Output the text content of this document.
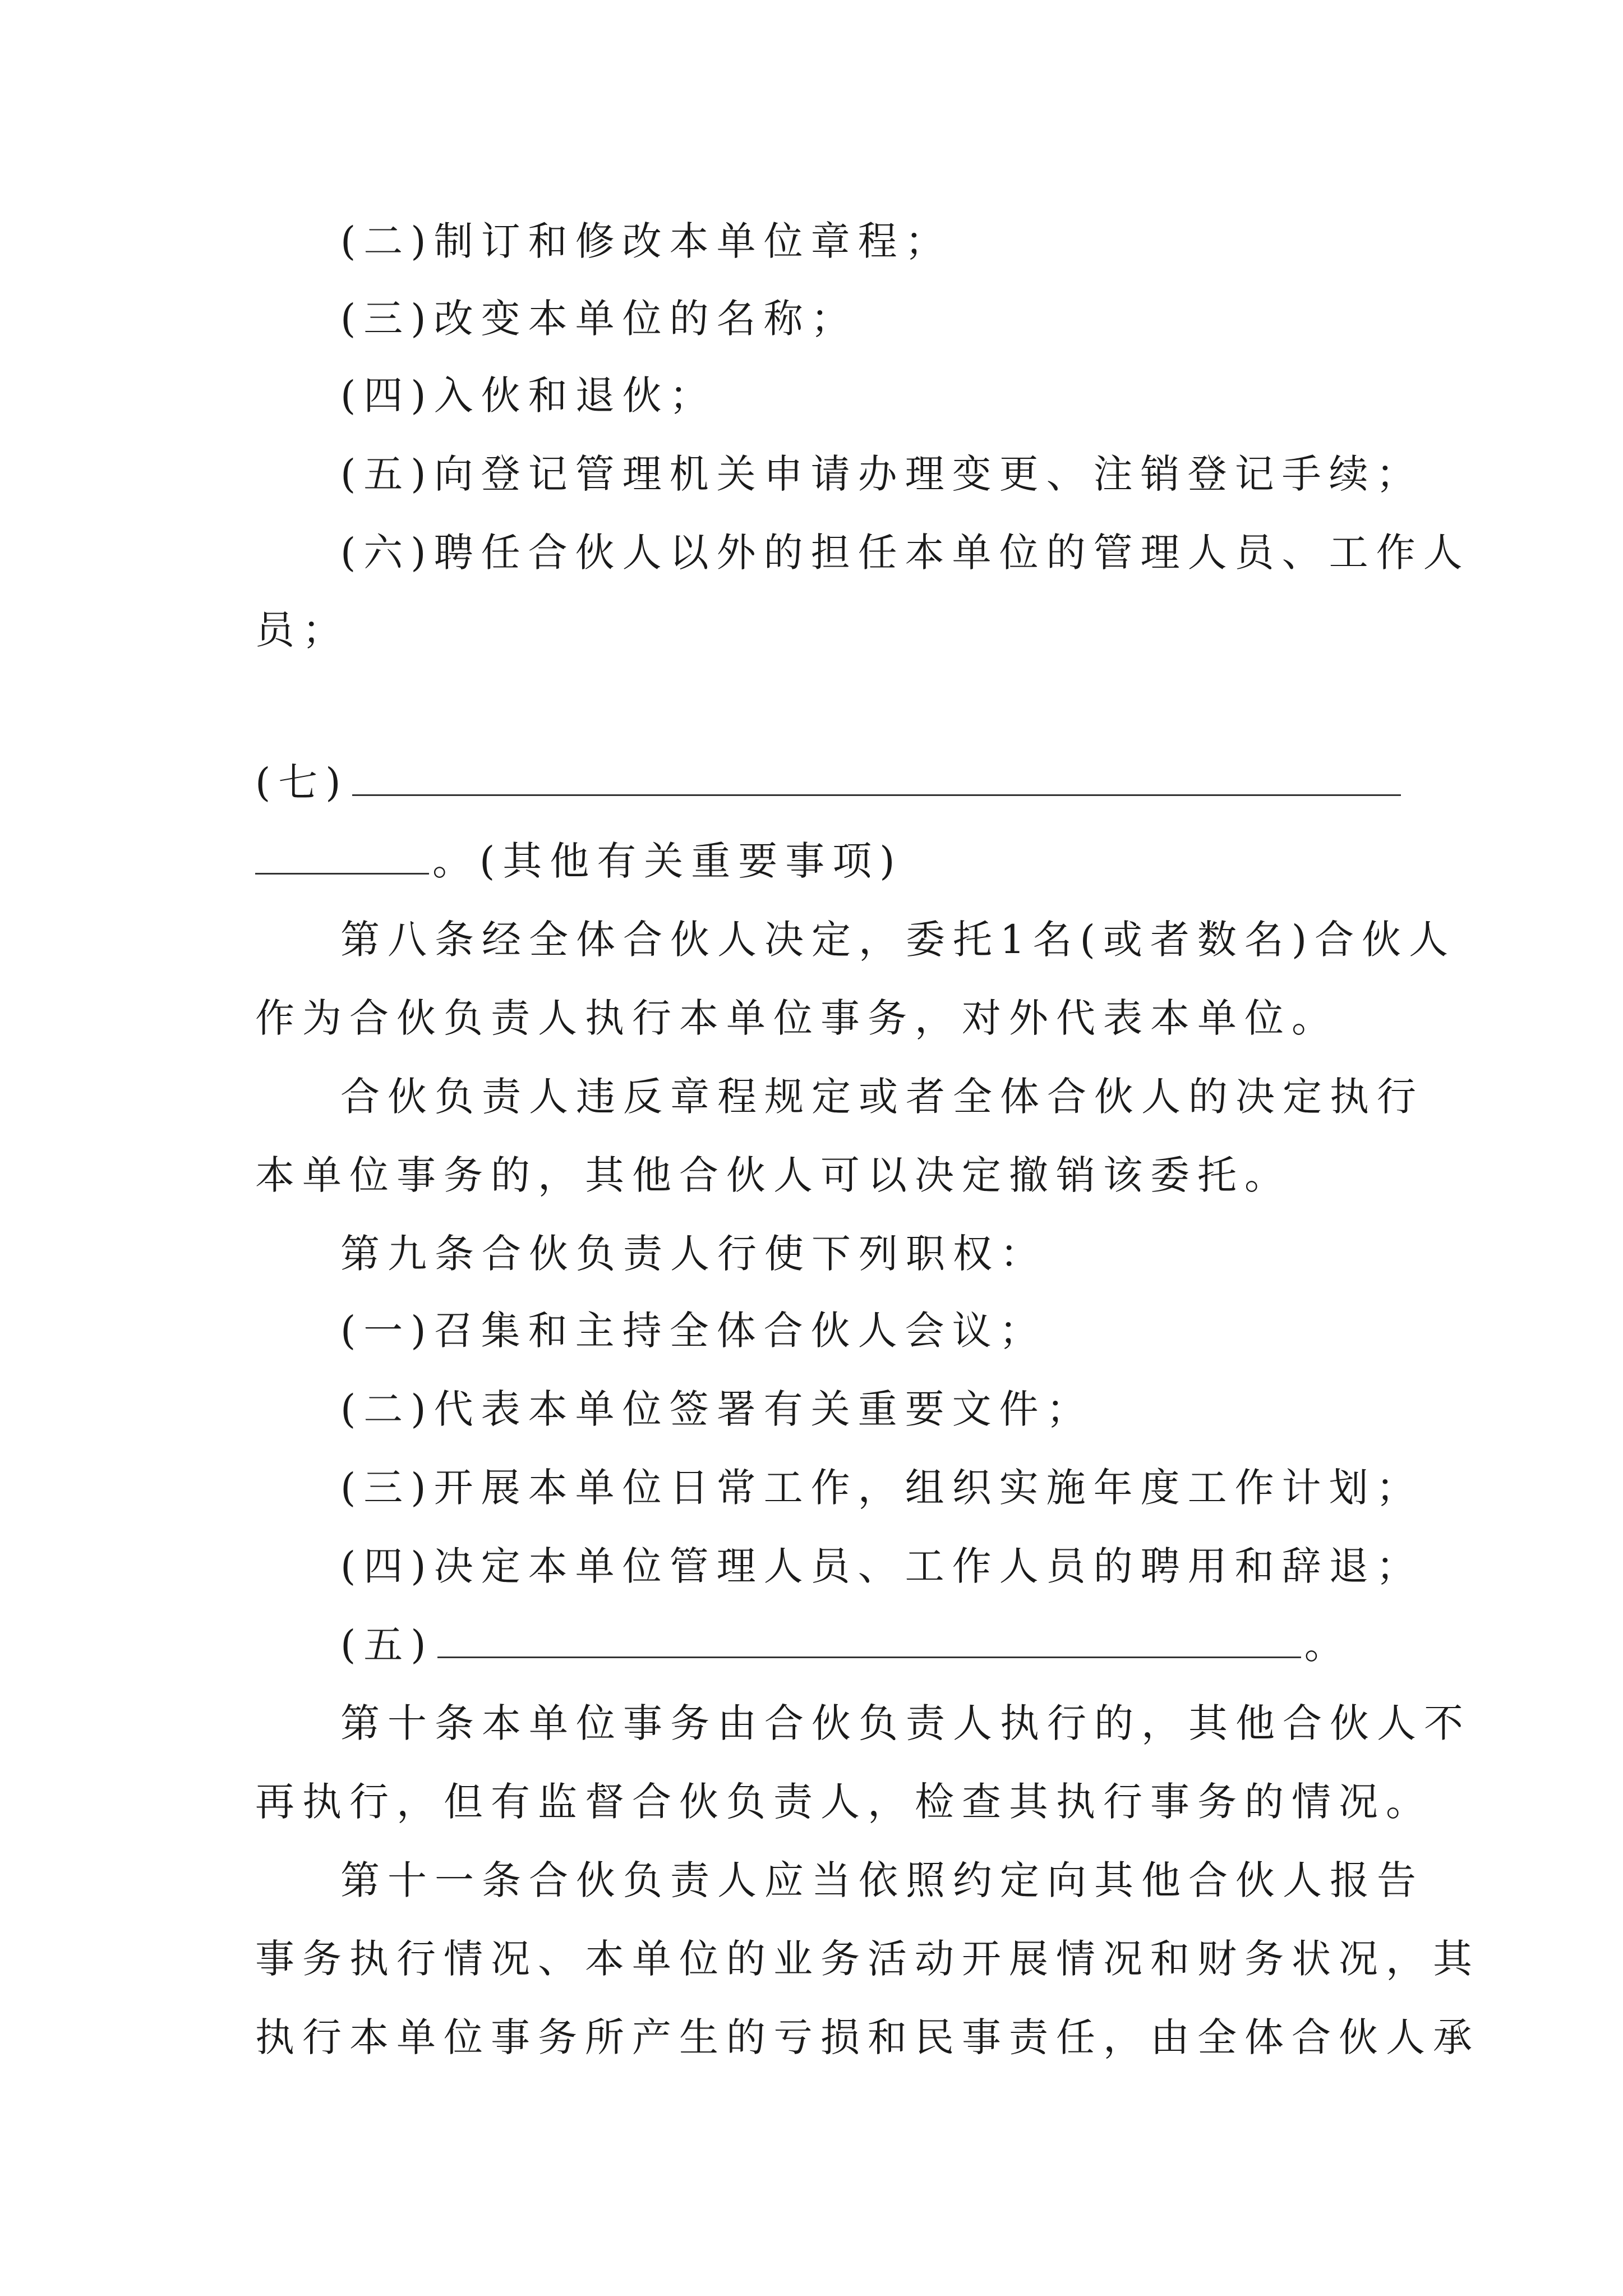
(二)制订和修改本单位章程；
(三)改变本单位的名称；
(四)入伙和退伙；
(五)向登记管理机关申请办理变更、注销登记手续；
(六)聘任合伙人以外的担任本单位的管理人员、工作人
员；
(七)
。(其他有关重要事项)
第八条经全体合伙人决定，委托1名(或者数名)合伙人
作为合伙负责人执行本单位事务，对外代表本单位。
合伙负责人违反章程规定或者全体合伙人的决定执行
本单位事务的，其他合伙人可以决定撤销该委托。
第九条合伙负责人行使下列职权：
(一)召集和主持全体合伙人会议；
(二)代表本单位签署有关重要文件；
(三)开展本单位日常工作，组织实施年度工作计划；
(四)决定本单位管理人员、工作人员的聘用和辞退；
(五)	。
第十条本单位事务由合伙负责人执行的，其他合伙人不
再执行，但有监督合伙负责人，检查其执行事务的情况。
第十一条合伙负责人应当依照约定向其他合伙人报告
事务执行情况、本单位的业务活动开展情况和财务状况，其
执行本单位事务所产生的亏损和民事责任，由全体合伙人承
